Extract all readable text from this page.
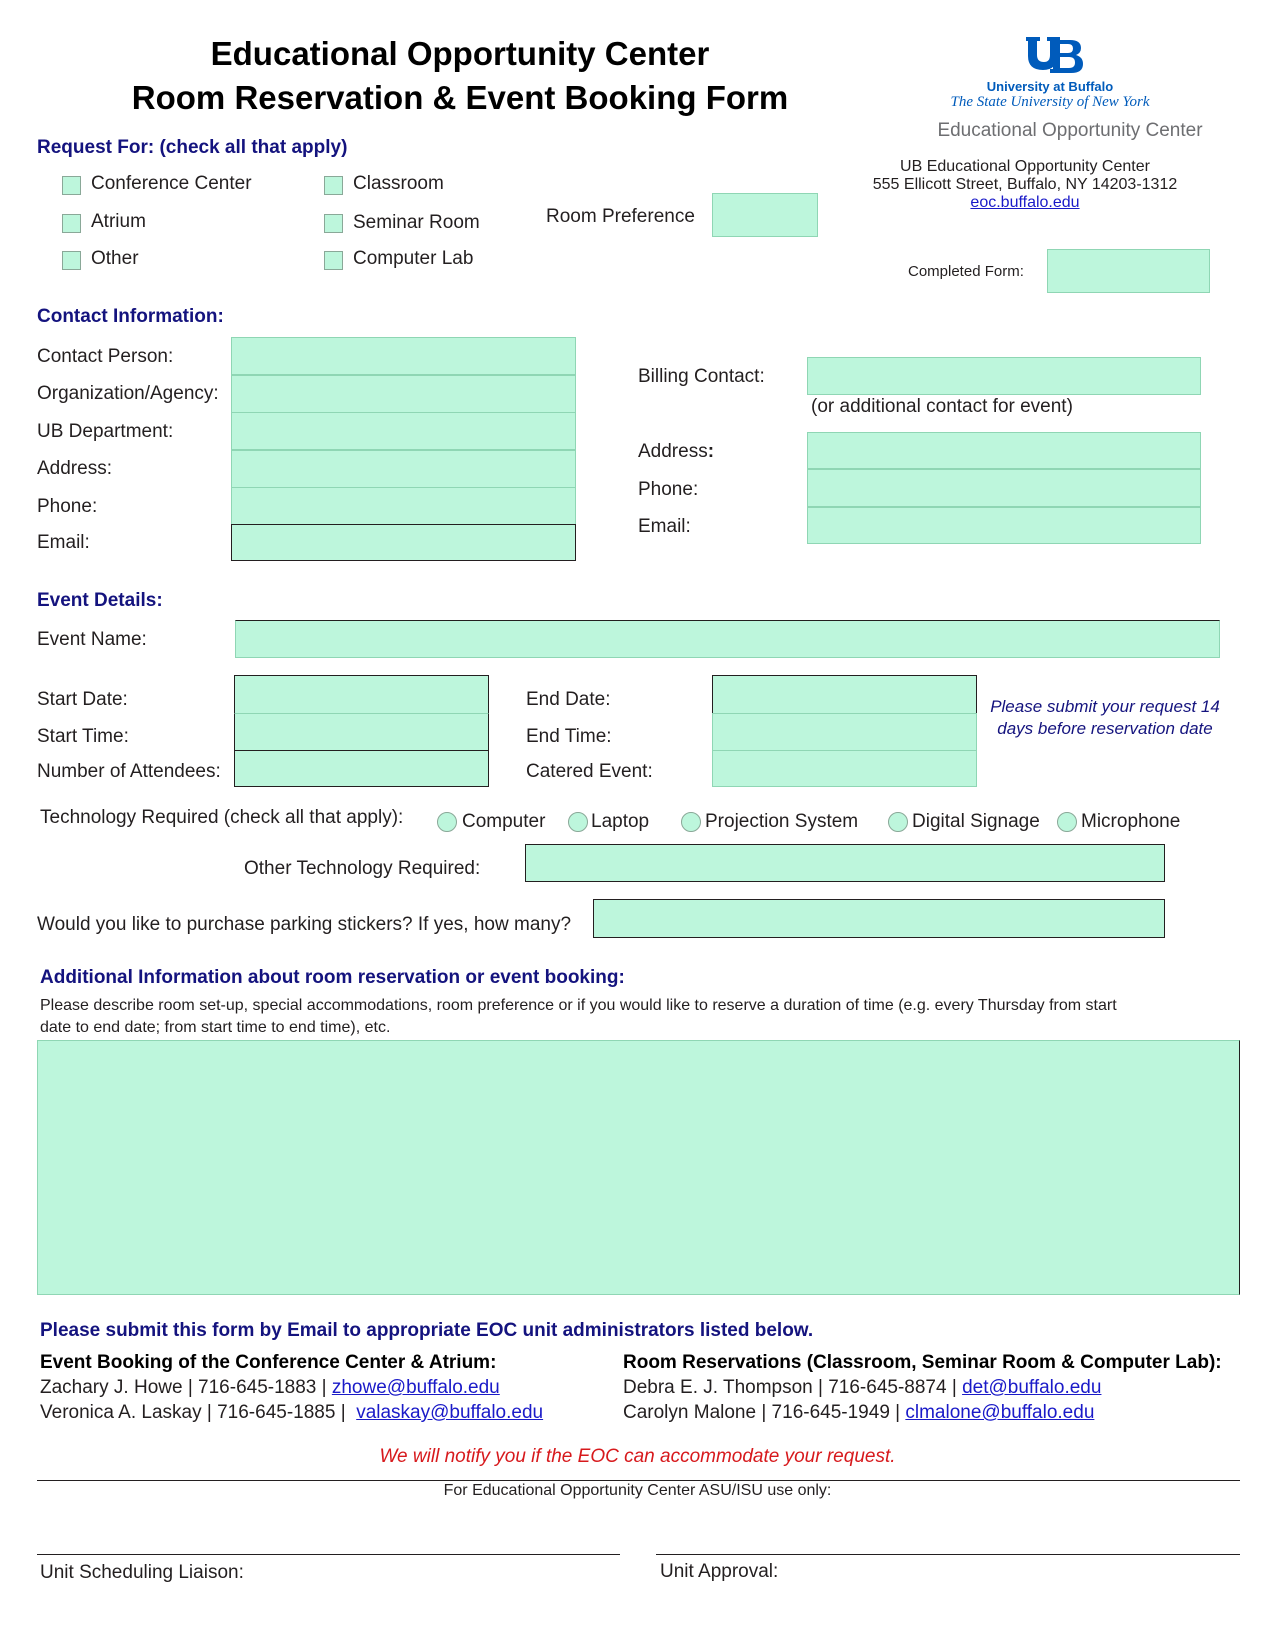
Educational Opportunity Center
Room Reservation & Event Booking Form	University at Buffalo
The State University of New York
Educational Opportunity Center
UB Educational Opportunity Center
555 Ellicott Street, Buffalo, NY 14203-1312
eoc.buffalo.edu
Completed Form:
Request For: (check all that apply)
Conference Center
Atrium
Other
Classroom
Seminar Room
Computer Lab
Room Preference
Contact Information:
Contact Person:
Organization/Agency:
UB Department:
Address:
Phone:
Email:
Billing Contact:
(or additional contact for event)
Address:
Phone:
Email:
Event Details:
Event Name:
Start Date:
Start Time:
Number of Attendees:
End Date:
End Time:
Catered Event:
Please submit your request 14
days before reservation date
Technology Required (check all that apply):	Computer Laptop	Projection System	Digital Signage Microphone
Other Technology Required:
Would you like to purchase parking stickers? If yes, how many?
Additional Information about room reservation or event booking:
Please describe room set-up, special accommodations, room preference or if you would like to reserve a duration of time (e.g. every Thursday from start
date to end date; from start time to end time), etc.
Please submit this form by Email to appropriate EOC unit administrators listed below.
Event Booking of the Conference Center & Atrium:
Zachary J. Howe | 716-645-1883 | zhowe@buffalo.edu
Veronica A. Laskay | 716-645-1885 |  valaskay@buffalo.edu
Room Reservations (Classroom, Seminar Room & Computer Lab):
Debra E. J. Thompson | 716-645-8874 | det@buffalo.edu
Carolyn Malone | 716-645-1949 | clmalone@buffalo.edu
We will notify you if the EOC can accommodate your request.
For Educational Opportunity Center ASU/ISU use only:
Unit Scheduling Liaison:	Unit Approval:
